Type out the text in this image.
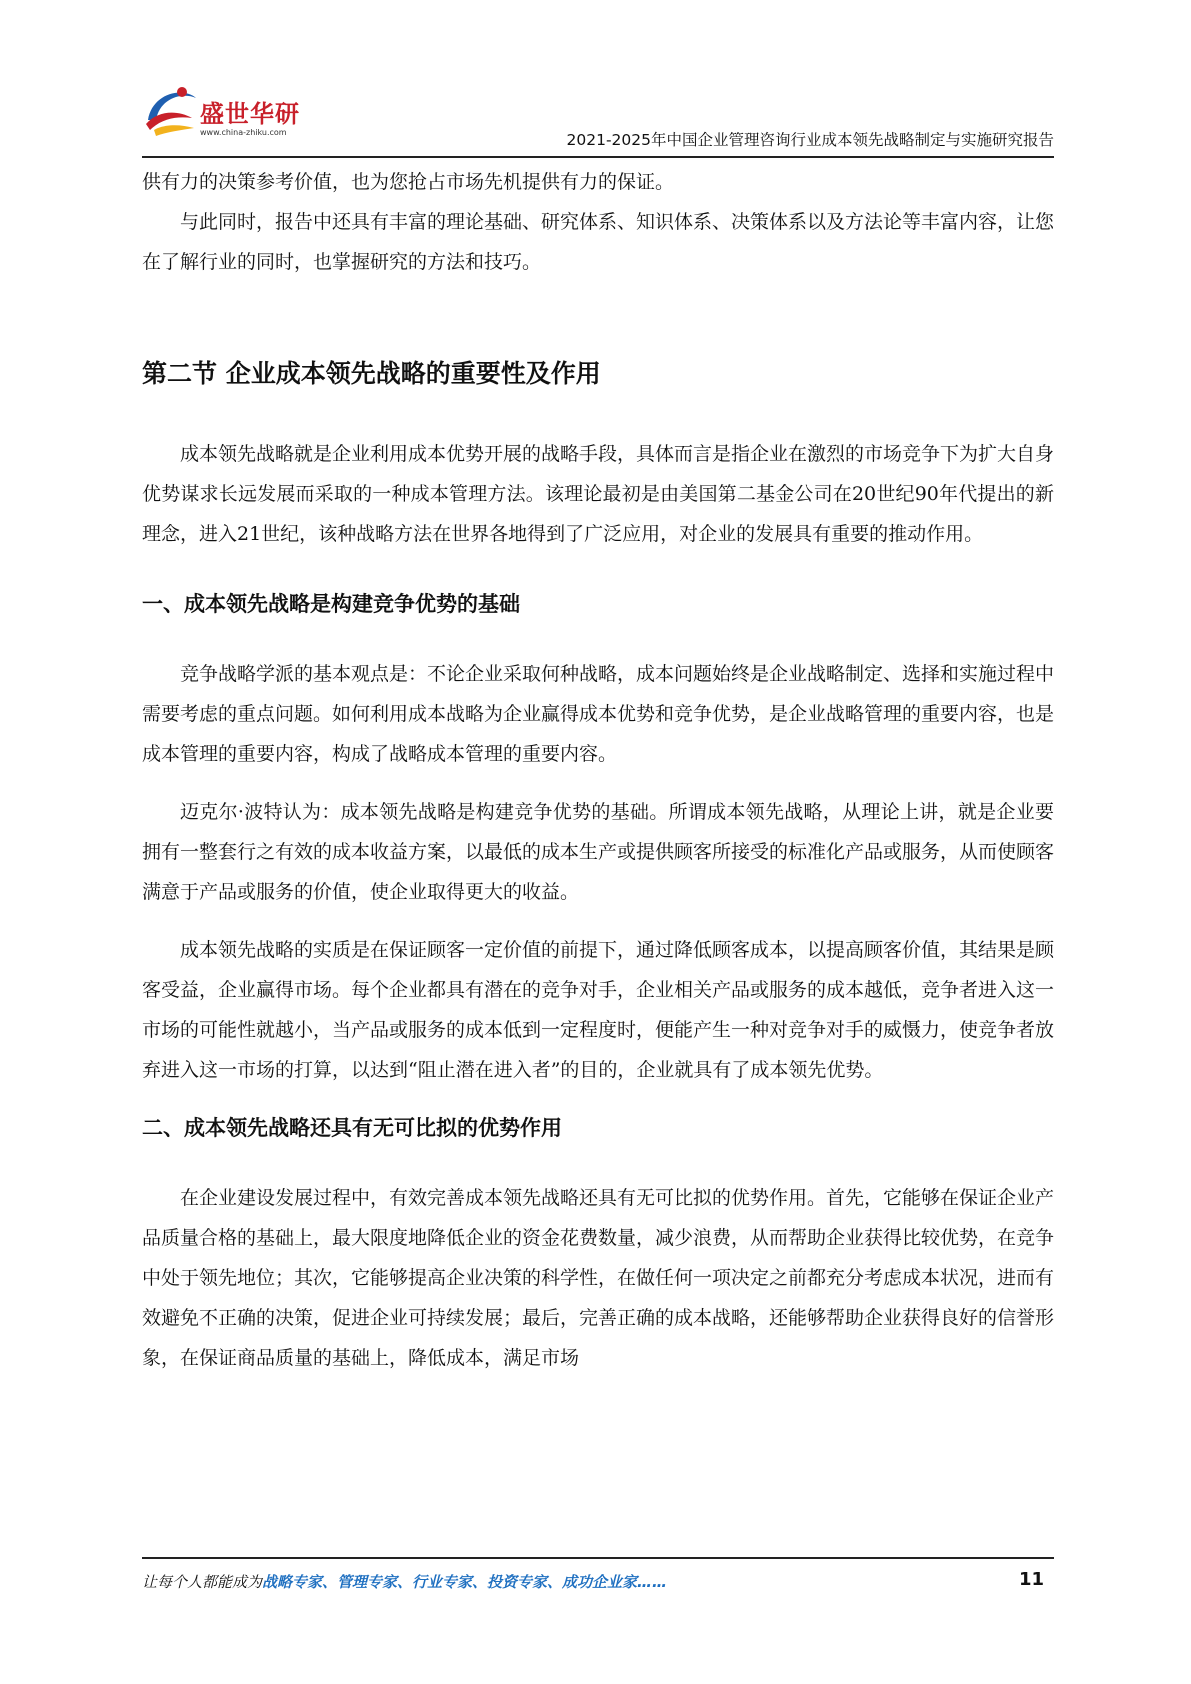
盛世华研
www.china-zhiku.com	2021-2025年中国企业管理咨询行业成本领先战略制定与实施研究报告

供有力的决策参考价值，也为您抢占市场先机提供有力的保证。

与此同时，报告中还具有丰富的理论基础、研究体系、知识体系、决策体系以及方法论等丰富内容，让您在了解行业的同时，也掌握研究的方法和技巧。

第二节 企业成本领先战略的重要性及作用

成本领先战略就是企业利用成本优势开展的战略手段，具体而言是指企业在激烈的市场竞争下为扩大自身优势谋求长远发展而采取的一种成本管理方法。该理论最初是由美国第二基金公司在20世纪90年代提出的新理念，进入21世纪，该种战略方法在世界各地得到了广泛应用，对企业的发展具有重要的推动作用。

一、成本领先战略是构建竞争优势的基础

竞争战略学派的基本观点是：不论企业采取何种战略，成本问题始终是企业战略制定、选择和实施过程中需要考虑的重点问题。如何利用成本战略为企业赢得成本优势和竞争优势，是企业战略管理的重要内容，也是成本管理的重要内容，构成了战略成本管理的重要内容。

迈克尔·波特认为：成本领先战略是构建竞争优势的基础。所谓成本领先战略，从理论上讲，就是企业要拥有一整套行之有效的成本收益方案，以最低的成本生产或提供顾客所接受的标准化产品或服务，从而使顾客满意于产品或服务的价值，使企业取得更大的收益。

成本领先战略的实质是在保证顾客一定价值的前提下，通过降低顾客成本，以提高顾客价值，其结果是顾客受益，企业赢得市场。每个企业都具有潜在的竞争对手，企业相关产品或服务的成本越低，竞争者进入这一市场的可能性就越小，当产品或服务的成本低到一定程度时，便能产生一种对竞争对手的威慑力，使竞争者放弃进入这一市场的打算，以达到“阻止潜在进入者”的目的，企业就具有了成本领先优势。

二、成本领先战略还具有无可比拟的优势作用

在企业建设发展过程中，有效完善成本领先战略还具有无可比拟的优势作用。首先，它能够在保证企业产品质量合格的基础上，最大限度地降低企业的资金花费数量，减少浪费，从而帮助企业获得比较优势，在竞争中处于领先地位；其次，它能够提高企业决策的科学性，在做任何一项决定之前都充分考虑成本状况，进而有效避免不正确的决策，促进企业可持续发展；最后，完善正确的成本战略，还能够帮助企业获得良好的信誉形象，在保证商品质量的基础上，降低成本，满足市场

让每个人都能成为战略专家、管理专家、行业专家、投资专家、成功企业家……	11
